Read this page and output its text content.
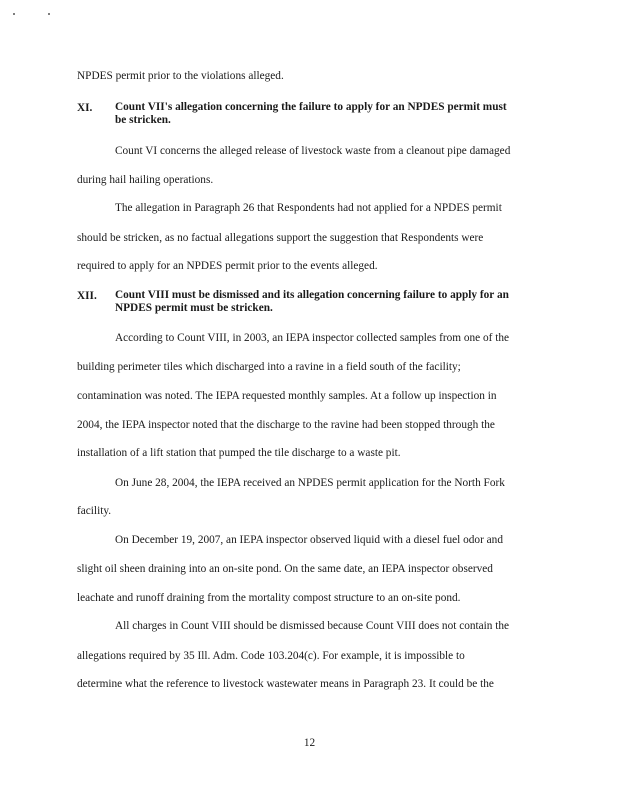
NPDES permit prior to the violations alleged.
XI. Count VII's allegation concerning the failure to apply for an NPDES permit must
be stricken.
Count VI concerns the alleged release of livestock waste from a cleanout pipe damaged
during hail hailing operations.
The allegation in Paragraph 26 that Respondents had not applied for a NPDES permit
should be stricken, as no factual allegations support the suggestion that Respondents were
required to apply for an NPDES permit prior to the events alleged.
XII. Count VIII must be dismissed and its allegation concerning failure to apply for an
NPDES permit must be stricken.
According to Count VIII, in 2003, an IEPA inspector collected samples from one of the
building perimeter tiles which discharged into a ravine in a field south of the facility;
contamination was noted. The IEPA requested monthly samples. At a follow up inspection in
2004, the IEPA inspector noted that the discharge to the ravine had been stopped through the
installation of a lift station that pumped the tile discharge to a waste pit.
On June 28, 2004, the IEPA received an NPDES permit application for the North Fork
facility.
On December 19, 2007, an IEPA inspector observed liquid with a diesel fuel odor and
slight oil sheen draining into an on-site pond. On the same date, an IEPA inspector observed
leachate and runoff draining from the mortality compost structure to an on-site pond.
All charges in Count VIII should be dismissed because Count VIII does not contain the
allegations required by 35 Ill. Adm. Code 103.204(c). For example, it is impossible to
determine what the reference to livestock wastewater means in Paragraph 23. It could be the
12
